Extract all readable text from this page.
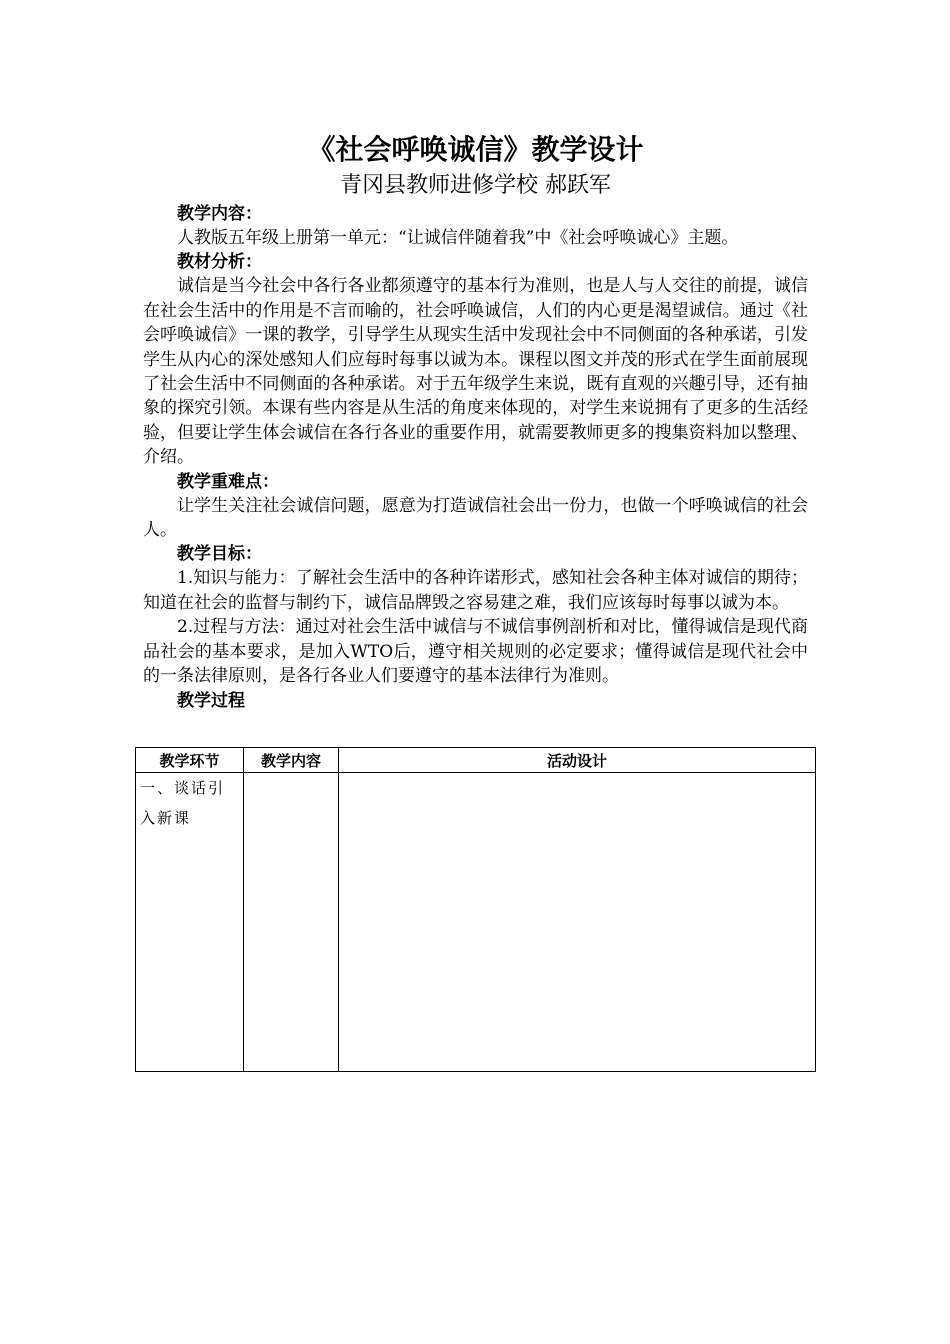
《社会呼唤诚信》教学设计

青冈县教师进修学校 郝跃军

教学内容：

人教版五年级上册第一单元：“让诚信伴随着我”中《社会呼唤诚心》主题。

教材分析：

诚信是当今社会中各行各业都须遵守的基本行为准则，也是人与人交往的前提，诚信在社会生活中的作用是不言而喻的，社会呼唤诚信，人们的内心更是渴望诚信。通过《社会呼唤诚信》一课的教学，引导学生从现实生活中发现社会中不同侧面的各种承诺，引发学生从内心的深处感知人们应每时每事以诚为本。课程以图文并茂的形式在学生面前展现了社会生活中不同侧面的各种承诺。对于五年级学生来说，既有直观的兴趣引导，还有抽象的探究引领。本课有些内容是从生活的角度来体现的，对学生来说拥有了更多的生活经验，但要让学生体会诚信在各行各业的重要作用，就需要教师更多的搜集资料加以整理、介绍。

教学重难点：

让学生关注社会诚信问题，愿意为打造诚信社会出一份力，也做一个呼唤诚信的社会人。

教学目标：

1.知识与能力：了解社会生活中的各种许诺形式，感知社会各种主体对诚信的期待；知道在社会的监督与制约下，诚信品牌毁之容易建之难，我们应该每时每事以诚为本。

2.过程与方法：通过对社会生活中诚信与不诚信事例剖析和对比，懂得诚信是现代商品社会的基本要求，是加入WTO后，遵守相关规则的必定要求；懂得诚信是现代社会中的一条法律原则，是各行各业人们要遵守的基本法律行为准则。

教学过程

教学环节	教学内容	活动设计
一、谈话引入新课		
